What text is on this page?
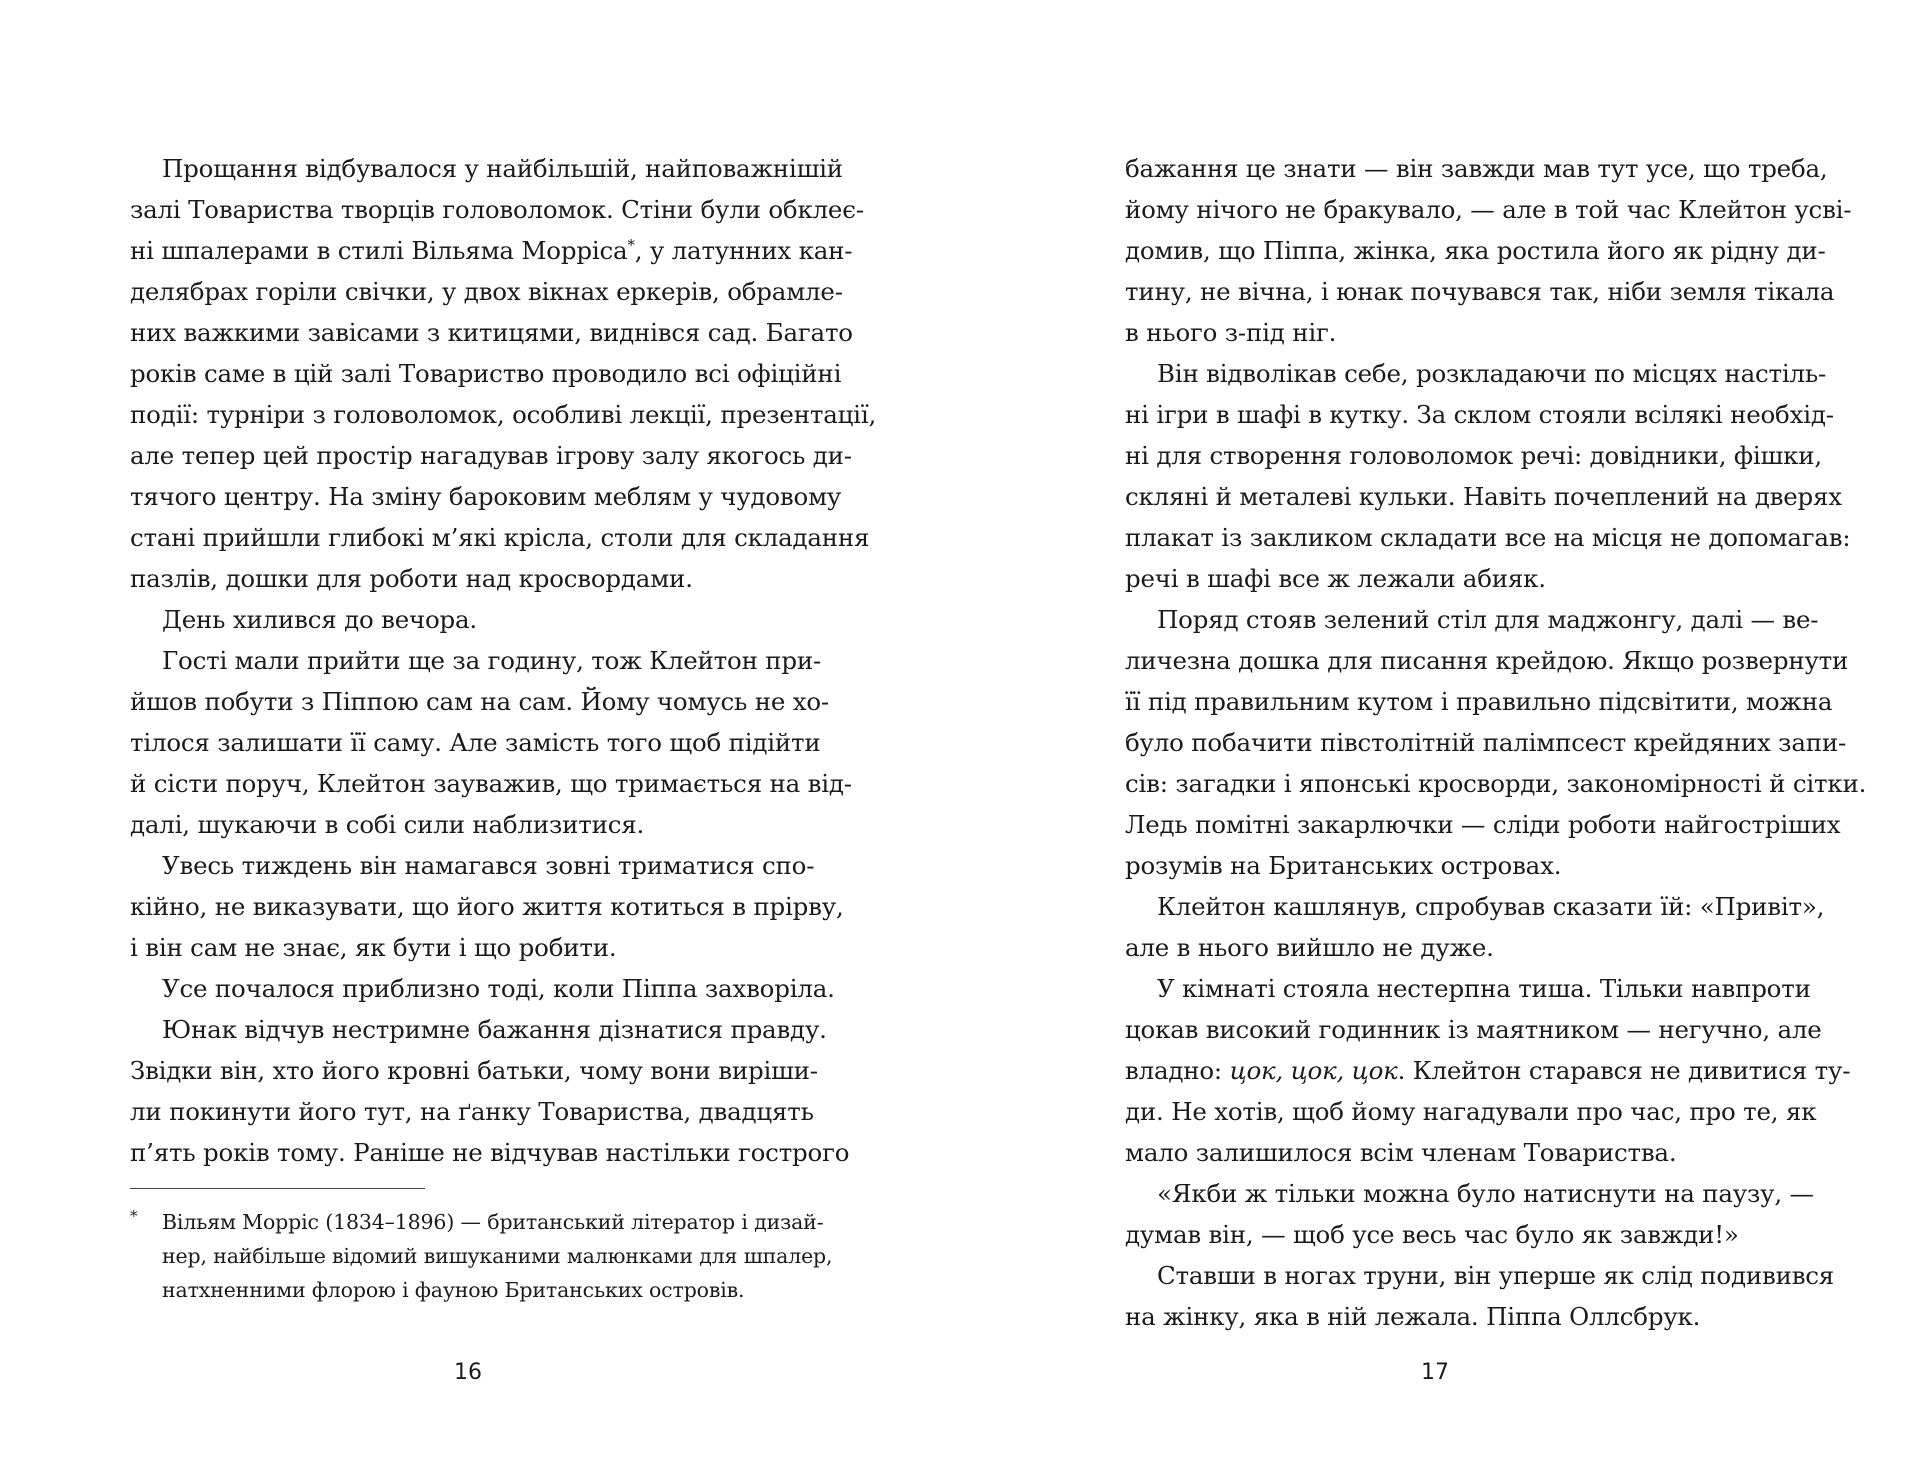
Прощання відбувалося у найбільшій, найповажнішій
залі Товариства творців головоломок. Стіни були обклеє-
ні шпалерами в стилі Вільяма Морріса*, у латунних кан-
делябрах горіли свічки, у двох вікнах еркерів, обрамле-
них важкими завісами з китицями, виднівся сад. Багато
років саме в цій залі Товариство проводило всі офіційні
події: турніри з головоломок, особливі лекції, презентації,
але тепер цей простір нагадував ігрову залу якогось ди-
тячого центру. На зміну бароковим меблям у чудовому
стані прийшли глибокі м’які крісла, столи для складання
пазлів, дошки для роботи над кросвордами.
День хилився до вечора.
Гості мали прийти ще за годину, тож Клейтон при-
йшов побути з Піппою сам на сам. Йому чомусь не хо-
тілося залишати її саму. Але замість того щоб підійти
й сісти поруч, Клейтон зауважив, що тримається на від-
далі, шукаючи в собі сили наблизитися.
Увесь тиждень він намагався зовні триматися спо-
кійно, не виказувати, що його життя котиться в прірву,
і він сам не знає, як бути і що робити.
Усе почалося приблизно тоді, коли Піппа захворіла.
Юнак відчув нестримне бажання дізнатися правду.
Звідки він, хто його кровні батьки, чому вони виріши-
ли покинути його тут, на ґанку Товариства, двадцять
п’ять років тому. Раніше не відчував настільки гострого
*	Вільям Морріс (1834–1896) — британський літератор і дизай-
нер, найбільше відомий вишуканими малюнками для шпалер,
натхненними флорою і фауною Британських островів.
16
бажання це знати — він завжди мав тут усе, що треба,
йому нічого не бракувало, — але в той час Клейтон усві-
домив, що Піппа, жінка, яка ростила його як рідну ди-
тину, не вічна, і юнак почувався так, ніби земля тікала
в нього з-під ніг.
Він відволікав себе, розкладаючи по місцях настіль-
ні ігри в шафі в кутку. За склом стояли всілякі необхід-
ні для створення головоломок речі: довідники, фішки,
скляні й металеві кульки. Навіть почеплений на дверях
плакат із закликом складати все на місця не допомагав:
речі в шафі все ж лежали абияк.
Поряд стояв зелений стіл для маджонгу, далі — ве-
личезна дошка для писання крейдою. Якщо розвернути
її під правильним кутом і правильно підсвітити, можна
було побачити півстолітній палімпсест крейдяних запи-
сів: загадки і японські кросворди, закономірності й сітки.
Ледь помітні закарлючки — сліди роботи найгостріших
розумів на Британських островах.
Клейтон кашлянув, спробував сказати їй: «Привіт»,
але в нього вийшло не дуже.
У кімнаті стояла нестерпна тиша. Тільки навпроти
цокав високий годинник із маятником — негучно, але
владно: цок, цок, цок. Клейтон старався не дивитися ту-
ди. Не хотів, щоб йому нагадували про час, про те, як
мало залишилося всім членам Товариства.
«Якби ж тільки можна було натиснути на паузу, —
думав він, — щоб усе весь час було як завжди!»
Ставши в ногах труни, він уперше як слід подивився
на жінку, яка в ній лежала. Піппа Оллсбрук.
17
